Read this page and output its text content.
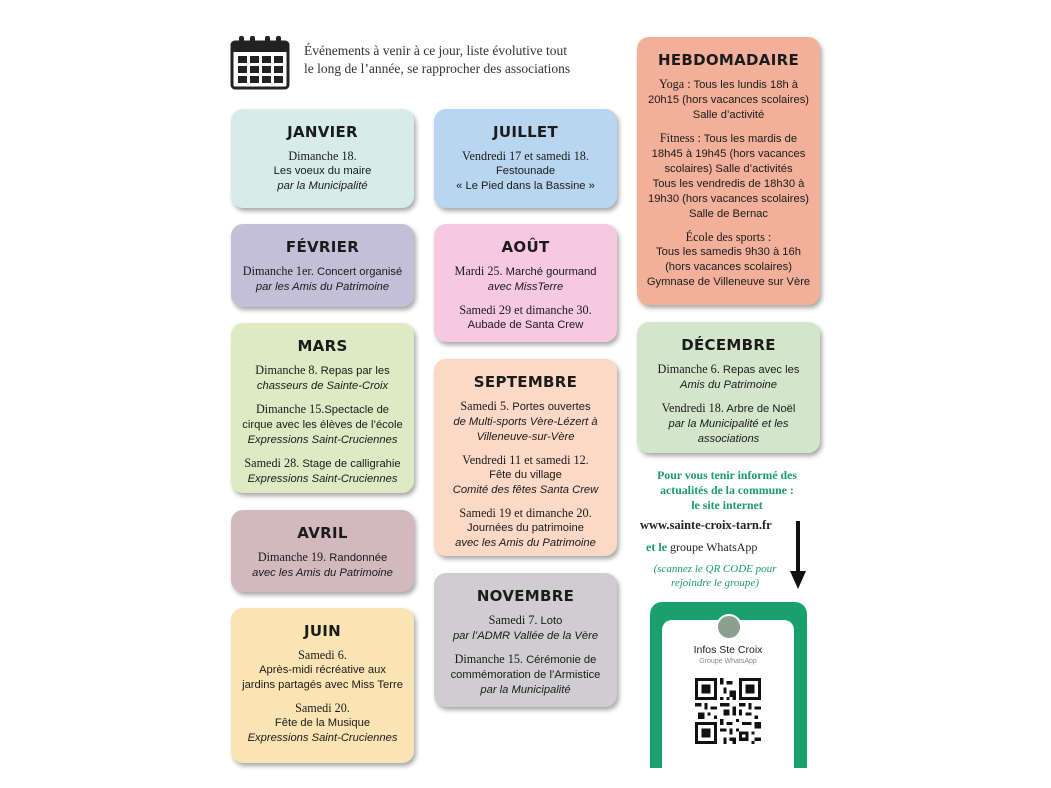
Événements à venir à ce jour, liste évolutive tout
le long de l’année, se rapprocher des associations
JANVIER
Dimanche 18.
Les voeux du maire
par la Municipalité
FÉVRIER
Dimanche 1er. Concert organisé
par les Amis du Patrimoine
MARS
Dimanche 8. Repas par les
chasseurs de Sainte-Croix
Dimanche 15.Spectacle de
cirque avec les élèves de l’école
Expressions Saint-Cruciennes
Samedi 28. Stage de calligrahie
Expressions Saint-Cruciennes
AVRIL
Dimanche 19. Randonnée
avec les Amis du Patrimoine
JUIN
Samedi 6.
Après-midi récréative aux
jardins partagés avec Miss Terre
Samedi 20.
Fête de la Musique
Expressions Saint-Cruciennes
JUILLET
Vendredi 17 et samedi 18.
Festounade
« Le Pied dans la Bassine »
AOÛT
Mardi 25. Marché gourmand
avec MissTerre
Samedi 29 et dimanche 30.
Aubade de Santa Crew
SEPTEMBRE
Samedi 5. Portes ouvertes
de Multi-sports Vère-Lézert à
Villeneuve-sur-Vère
Vendredi 11 et samedi 12.
Fête du village
Comité des fêtes Santa Crew
Samedi 19 et dimanche 20.
Journées du patrimoine
avec les Amis du Patrimoine
NOVEMBRE
Samedi 7. Loto
par l’ADMR Vallée de la Vère
Dimanche 15. Cérémonie de
commémoration de l’Armistice
par la Municipalité
HEBDOMADAIRE
Yoga : Tous les lundis 18h à
20h15 (hors vacances scolaires)
Salle d’activité
Fitness : Tous les mardis de
18h45 à 19h45 (hors vacances
scolaires) Salle d’activités
Tous les vendredis de 18h30 à
19h30 (hors vacances scolaires)
Salle de Bernac
École des sports :
Tous les samedis 9h30 à 16h
(hors vacances scolaires)
Gymnase de Villeneuve sur Vère
DÉCEMBRE
Dimanche 6. Repas avec les
Amis du Patrimoine
Vendredi 18. Arbre de Noël
par la Municipalité et les
associations
Pour vous tenir informé des
actualités de la commune :
le site internet
www.sainte-croix-tarn.fr
et le groupe WhatsApp
(scannez le QR CODE pour
rejoindre le groupe)
Infos Ste Croix
Groupe WhatsApp
